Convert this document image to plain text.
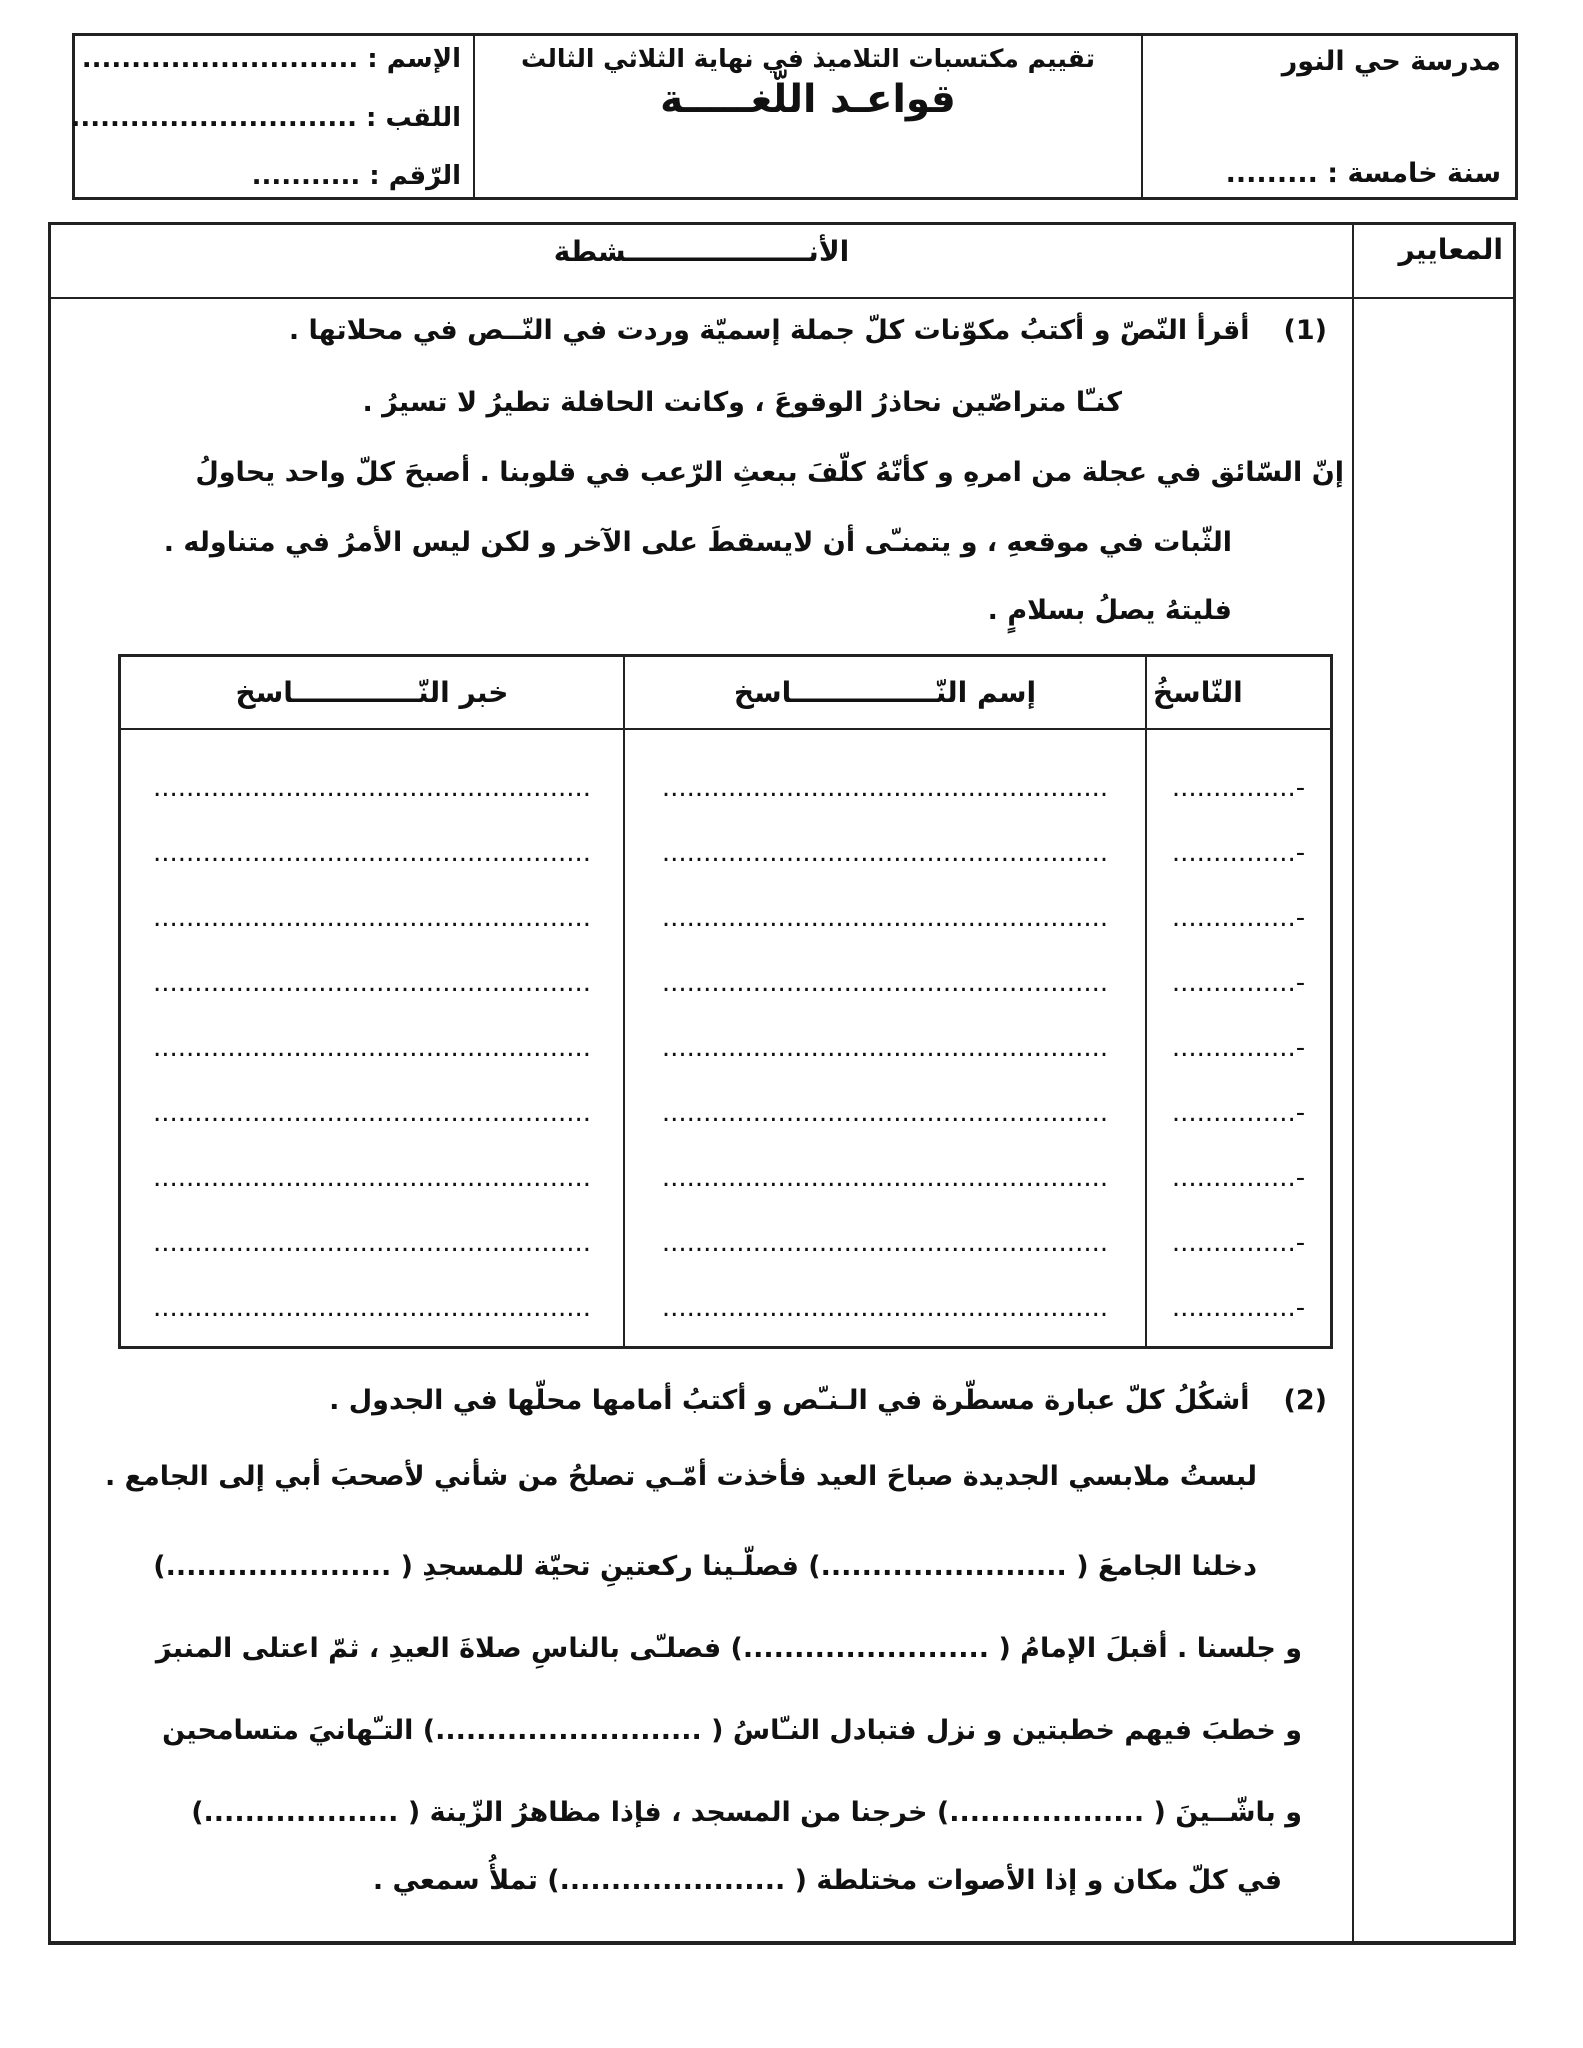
مدرسة حي النور
سنة خامسة : .........
تقييم مكتسبات التلاميذ في نهاية الثلاثي الثالث
قواعـد اللّغـــــة
الإسم : ............................
اللقب : .............................
الرّقم : ...........
المعايير
الأنـــــــــــــــــــشطة
(1)
أقرأ النّصّ و أكتبُ مكوّنات كلّ جملة إسميّة وردت في النّــص في محلاتها .
كنـّا متراصّين نحاذرُ الوقوعَ ، وكانت الحافلة تطيرُ لا تسيرُ .
إنّ السّائق في عجلة من امرهِ و كأنّهُ كلّفَ ببعثِ الرّعب في قلوبنا . أصبحَ كلّ واحد يحاولُ
الثّبات في موقعهِ ، و يتمنـّى أن لايسقطَ على الآخر و لكن ليس الأمرُ في متناوله .
فليتهُ يصلُ بسلامٍ .
النّاسخُ
إسم النّـــــــــــــــاسخ
خبر النّـــــــــــــاسخ
-...............
-...............
-...............
-...............
-...............
-...............
-...............
-...............
-...............
......................................................
......................................................
......................................................
......................................................
......................................................
......................................................
......................................................
......................................................
......................................................
.....................................................
.....................................................
.....................................................
.....................................................
.....................................................
.....................................................
.....................................................
.....................................................
.....................................................
(2)
أشكُلُ كلّ عبارة مسطّرة في الـنـّص و أكتبُ أمامها محلّها في الجدول .
لبستُ ملابسي الجديدة صباحَ العيد فأخذت أمّـي تصلحُ من شأني لأصحبَ أبي إلى الجامع .
دخلنا الجامعَ ( ........................) فصلّـينا ركعتينِ تحيّة للمسجدِ ( ......................)
و جلسنا . أقبلَ الإمامُ ( ........................) فصلـّى بالناسِ صلاةَ العيدِ ، ثمّ اعتلى المنبرَ
و خطبَ فيهم خطبتين و نزل فتبادل النـّاسُ ( ..........................) التـّهانيَ متسامحين
و باشّــينَ ( ...................) خرجنا من المسجد ، فإذا مظاهرُ الزّينة ( ...................)
في كلّ مكان و إذا الأصوات مختلطة ( ......................) تملأُ سمعي .
